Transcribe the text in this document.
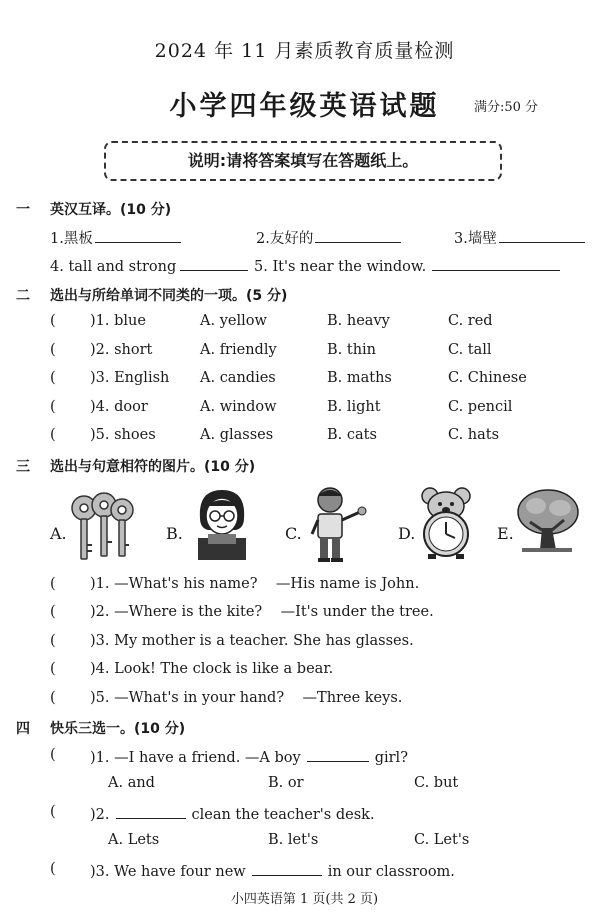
2024 年 11 月素质教育质量检测
小学四年级英语试题	满分:50 分
说明:请将答案填写在答题纸上。
一 英汉互译。(10 分)
1.黑板	2.友好的	3.墙壁
4. tall and strong	5. It's near the window.
二 选出与所给单词不同类的一项。(5 分)
( )1. blue	A. yellow	B. heavy	C. red
( )2. short	A. friendly	B. thin	C. tall
( )3. English A. candies	B. maths	C. Chinese
( )4. door	A. window	B. light	C. pencil
( )5. shoes	A. glasses	B. cats	C. hats
三 选出与句意相符的图片。(10 分)
A.	B.	C.	D.	E.
( )1. —What's his name?    —His name is John.
( )2. —Where is the kite?    —It's under the tree.
( )3. My mother is a teacher. She has glasses.
( )4. Look! The clock is like a bear.
( )5. —What's in your hand?    —Three keys.
四 快乐三选一。(10 分)
( )1. —I have a friend. —A boy	girl?
A. and	B. or	C. but
( )2.	clean the teacher's desk.
A. Lets	B. let's	C. Let's
( )3. We have four new	in our classroom.
小四英语第 1 页(共 2 页)
